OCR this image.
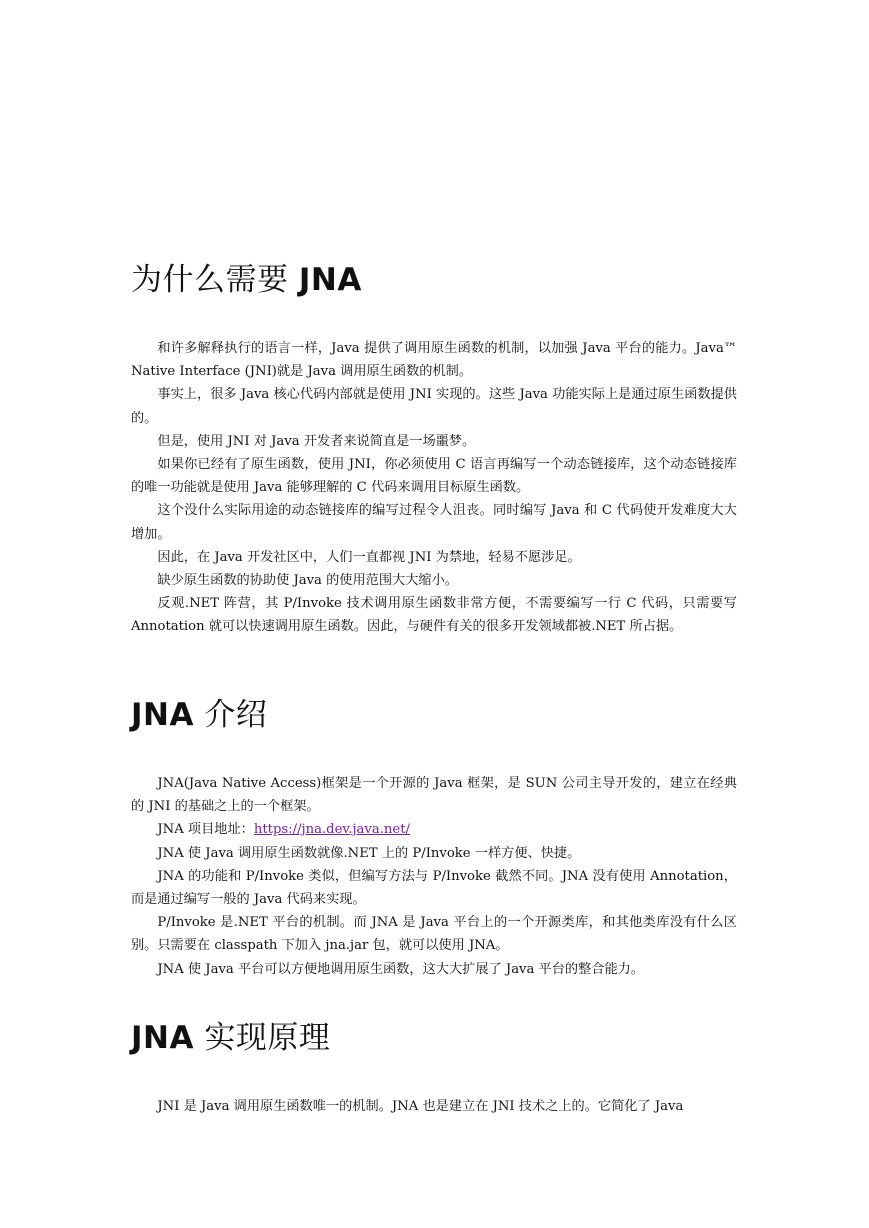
为什么需要 JNA

和许多解释执行的语言一样，Java 提供了调用原生函数的机制，以加强 Java 平台的能力。Java™ Native Interface (JNI)就是 Java 调用原生函数的机制。

事实上，很多 Java 核心代码内部就是使用 JNI 实现的。这些 Java 功能实际上是通过原生函数提供的。

但是，使用 JNI 对 Java 开发者来说简直是一场噩梦。

如果你已经有了原生函数，使用 JNI，你必须使用 C 语言再编写一个动态链接库，这个动态链接库的唯一功能就是使用 Java 能够理解的 C 代码来调用目标原生函数。

这个没什么实际用途的动态链接库的编写过程令人沮丧。同时编写 Java 和 C 代码使开发难度大大增加。

因此，在 Java 开发社区中，人们一直都视 JNI 为禁地，轻易不愿涉足。

缺少原生函数的协助使 Java 的使用范围大大缩小。

反观.NET 阵营，其 P/Invoke 技术调用原生函数非常方便，不需要编写一行 C 代码，只需要写 Annotation 就可以快速调用原生函数。因此，与硬件有关的很多开发领域都被.NET 所占据。

JNA 介绍

JNA(Java Native Access)框架是一个开源的 Java 框架，是 SUN 公司主导开发的，建立在经典的 JNI 的基础之上的一个框架。

JNA 项目地址：https://jna.dev.java.net/

JNA 使 Java 调用原生函数就像.NET 上的 P/Invoke 一样方便、快捷。

JNA 的功能和 P/Invoke 类似，但编写方法与 P/Invoke 截然不同。JNA 没有使用 Annotation，而是通过编写一般的 Java 代码来实现。

P/Invoke 是.NET 平台的机制。而 JNA 是 Java 平台上的一个开源类库，和其他类库没有什么区别。只需要在 classpath 下加入 jna.jar 包，就可以使用 JNA。

JNA 使 Java 平台可以方便地调用原生函数，这大大扩展了 Java 平台的整合能力。

JNA 实现原理

JNI 是 Java 调用原生函数唯一的机制。JNA 也是建立在 JNI 技术之上的。它简化了 Java
